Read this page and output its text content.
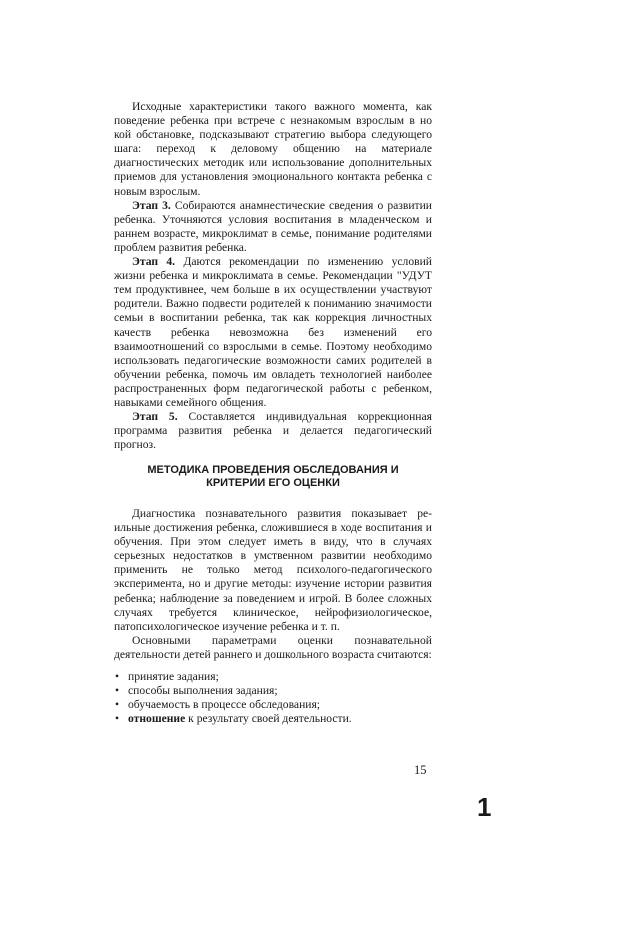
Исходные характеристики такого важного момента, как поведение ребенка при встрече с незнакомым взрослым в но кой обстановке, подсказывают стратегию выбора следующего шага: переход к деловому общению на материале диагностических методик или использование дополнительных приемов для установления эмоционального контакта ребенка с новым взрослым.

Этап 3. Собираются анамнестические сведения о развитии ребенка. Уточняются условия воспитания в младенческом и раннем возрасте, микроклимат в семье, понимание родителями проблем развития ребенка.

Этап 4. Даются рекомендации по изменению условий жизни ребенка и микроклимата в семье. Рекомендации "УДУТ тем продуктивнее, чем больше в их осуществлении участвуют родители. Важно подвести родителей к пониманию значимости семьи в воспитании ребенка, так как коррекция личностных качеств ребенка невозможна без изменений его взаимоотношений со взрослыми в семье. Поэтому необходимо использовать педагогические возможности самих родителей в обучении ребенка, помочь им овладеть технологией наиболее распространенных форм педагогической работы с ребенком, навыками семейного общения.

Этап 5. Составляется индивидуальная коррекционная программа развития ребенка и делается педагогический прогноз.

МЕТОДИКА ПРОВЕДЕНИЯ ОБСЛЕДОВАНИЯ И
КРИТЕРИИ ЕГО ОЦЕНКИ

Диагностика познавательного развития показывает ре-ильные достижения ребенка, сложившиеся в ходе воспитания и обучения. При этом следует иметь в виду, что в случаях серьезных недостатков в умственном развитии необходимо применить не только метод психолого-педагогического эксперимента, но и другие методы: изучение истории развития ребенка; наблюдение за поведением и игрой. В более сложных случаях требуется клиническое, нейрофизиологическое, патопсихологическое изучение ребенка и т. п.

Основными параметрами оценки познавательной деятельности детей раннего и дошкольного возраста считаются:

• принятие задания;
• способы выполнения задания;
• обучаемость в процессе обследования;
• отношение к результату своей деятельности.
15
1
